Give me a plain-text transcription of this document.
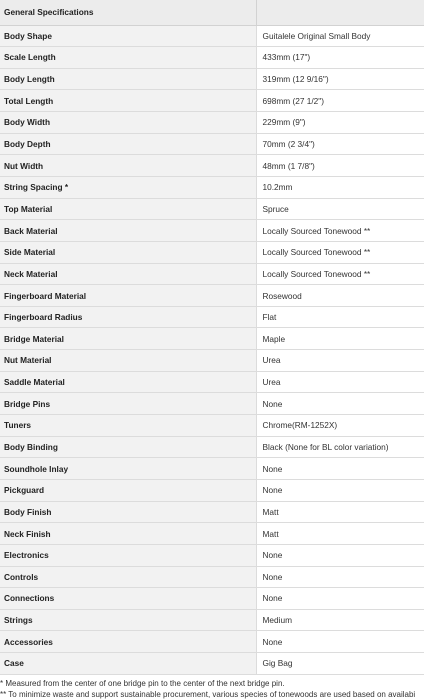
General Specifications	
Body Shape	Guitalele Original Small Body
Scale Length	433mm (17")
Body Length	319mm (12 9/16")
Total Length	698mm (27 1/2")
Body Width	229mm (9")
Body Depth	70mm (2 3/4")
Nut Width	48mm (1 7/8")
String Spacing *	10.2mm
Top Material	Spruce
Back Material	Locally Sourced Tonewood **
Side Material	Locally Sourced Tonewood **
Neck Material	Locally Sourced Tonewood **
Fingerboard Material	Rosewood
Fingerboard Radius	Flat
Bridge Material	Maple
Nut Material	Urea
Saddle Material	Urea
Bridge Pins	None
Tuners	Chrome(RM-1252X)
Body Binding	Black (None for BL color variation)
Soundhole Inlay	None
Pickguard	None
Body Finish	Matt
Neck Finish	Matt
Electronics	None
Controls	None
Connections	None
Strings	Medium
Accessories	None
Case	Gig Bag
* Measured from the center of one bridge pin to the center of the next bridge pin.
** To minimize waste and support sustainable procurement, various species of tonewoods are used based on availabi
